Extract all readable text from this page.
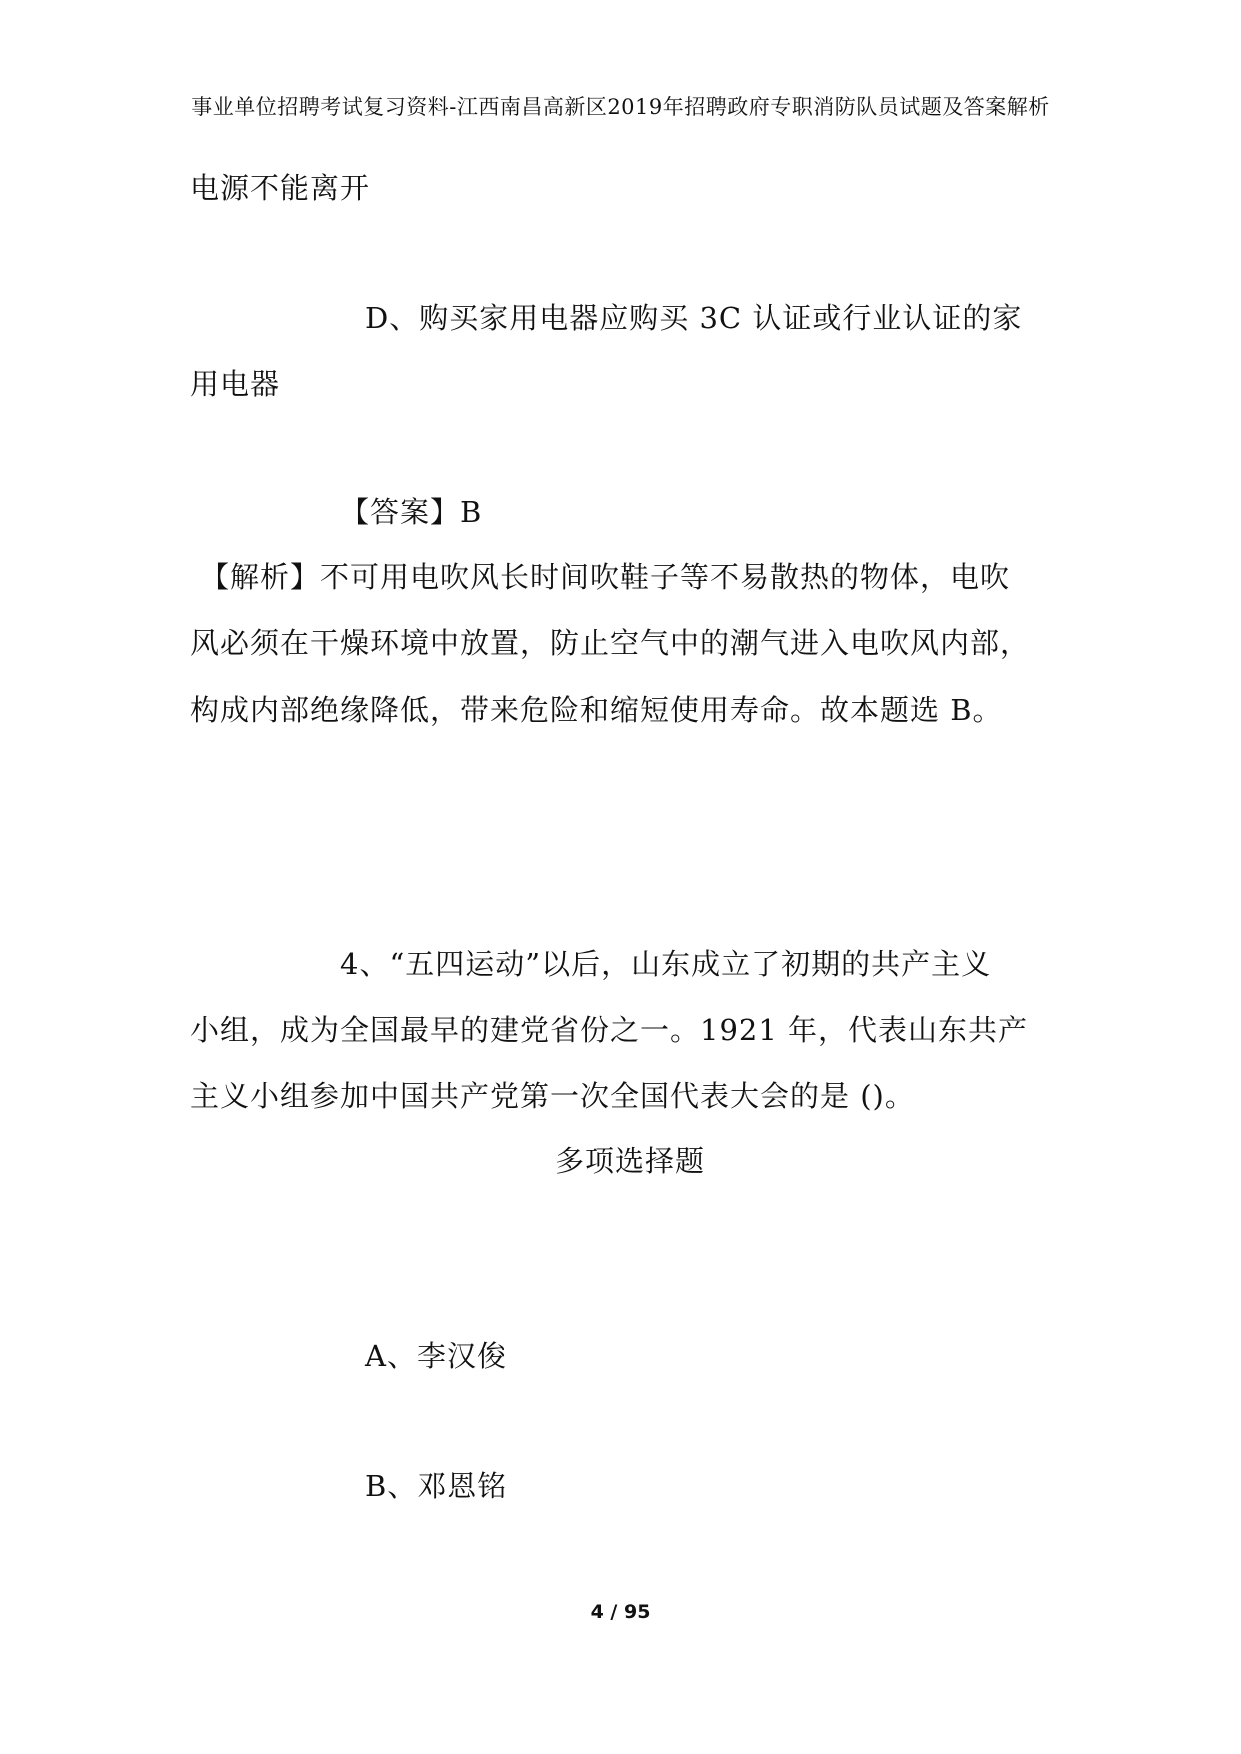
事业单位招聘考试复习资料-江西南昌高新区2019年招聘政府专职消防队员试题及答案解析
电源不能离开
D、购买家用电器应购买 3C 认证或行业认证的家
用电器
【答案】B
【解析】不可用电吹风长时间吹鞋子等不易散热的物体，电吹
风必须在干燥环境中放置，防止空气中的潮气进入电吹风内部，
构成内部绝缘降低，带来危险和缩短使用寿命。故本题选 B。
4、“五四运动”以后，山东成立了初期的共产主义
小组，成为全国最早的建党省份之一。1921 年，代表山东共产
主义小组参加中国共产党第一次全国代表大会的是 ()。
多项选择题
A、李汉俊
B、邓恩铭
4 / 95
